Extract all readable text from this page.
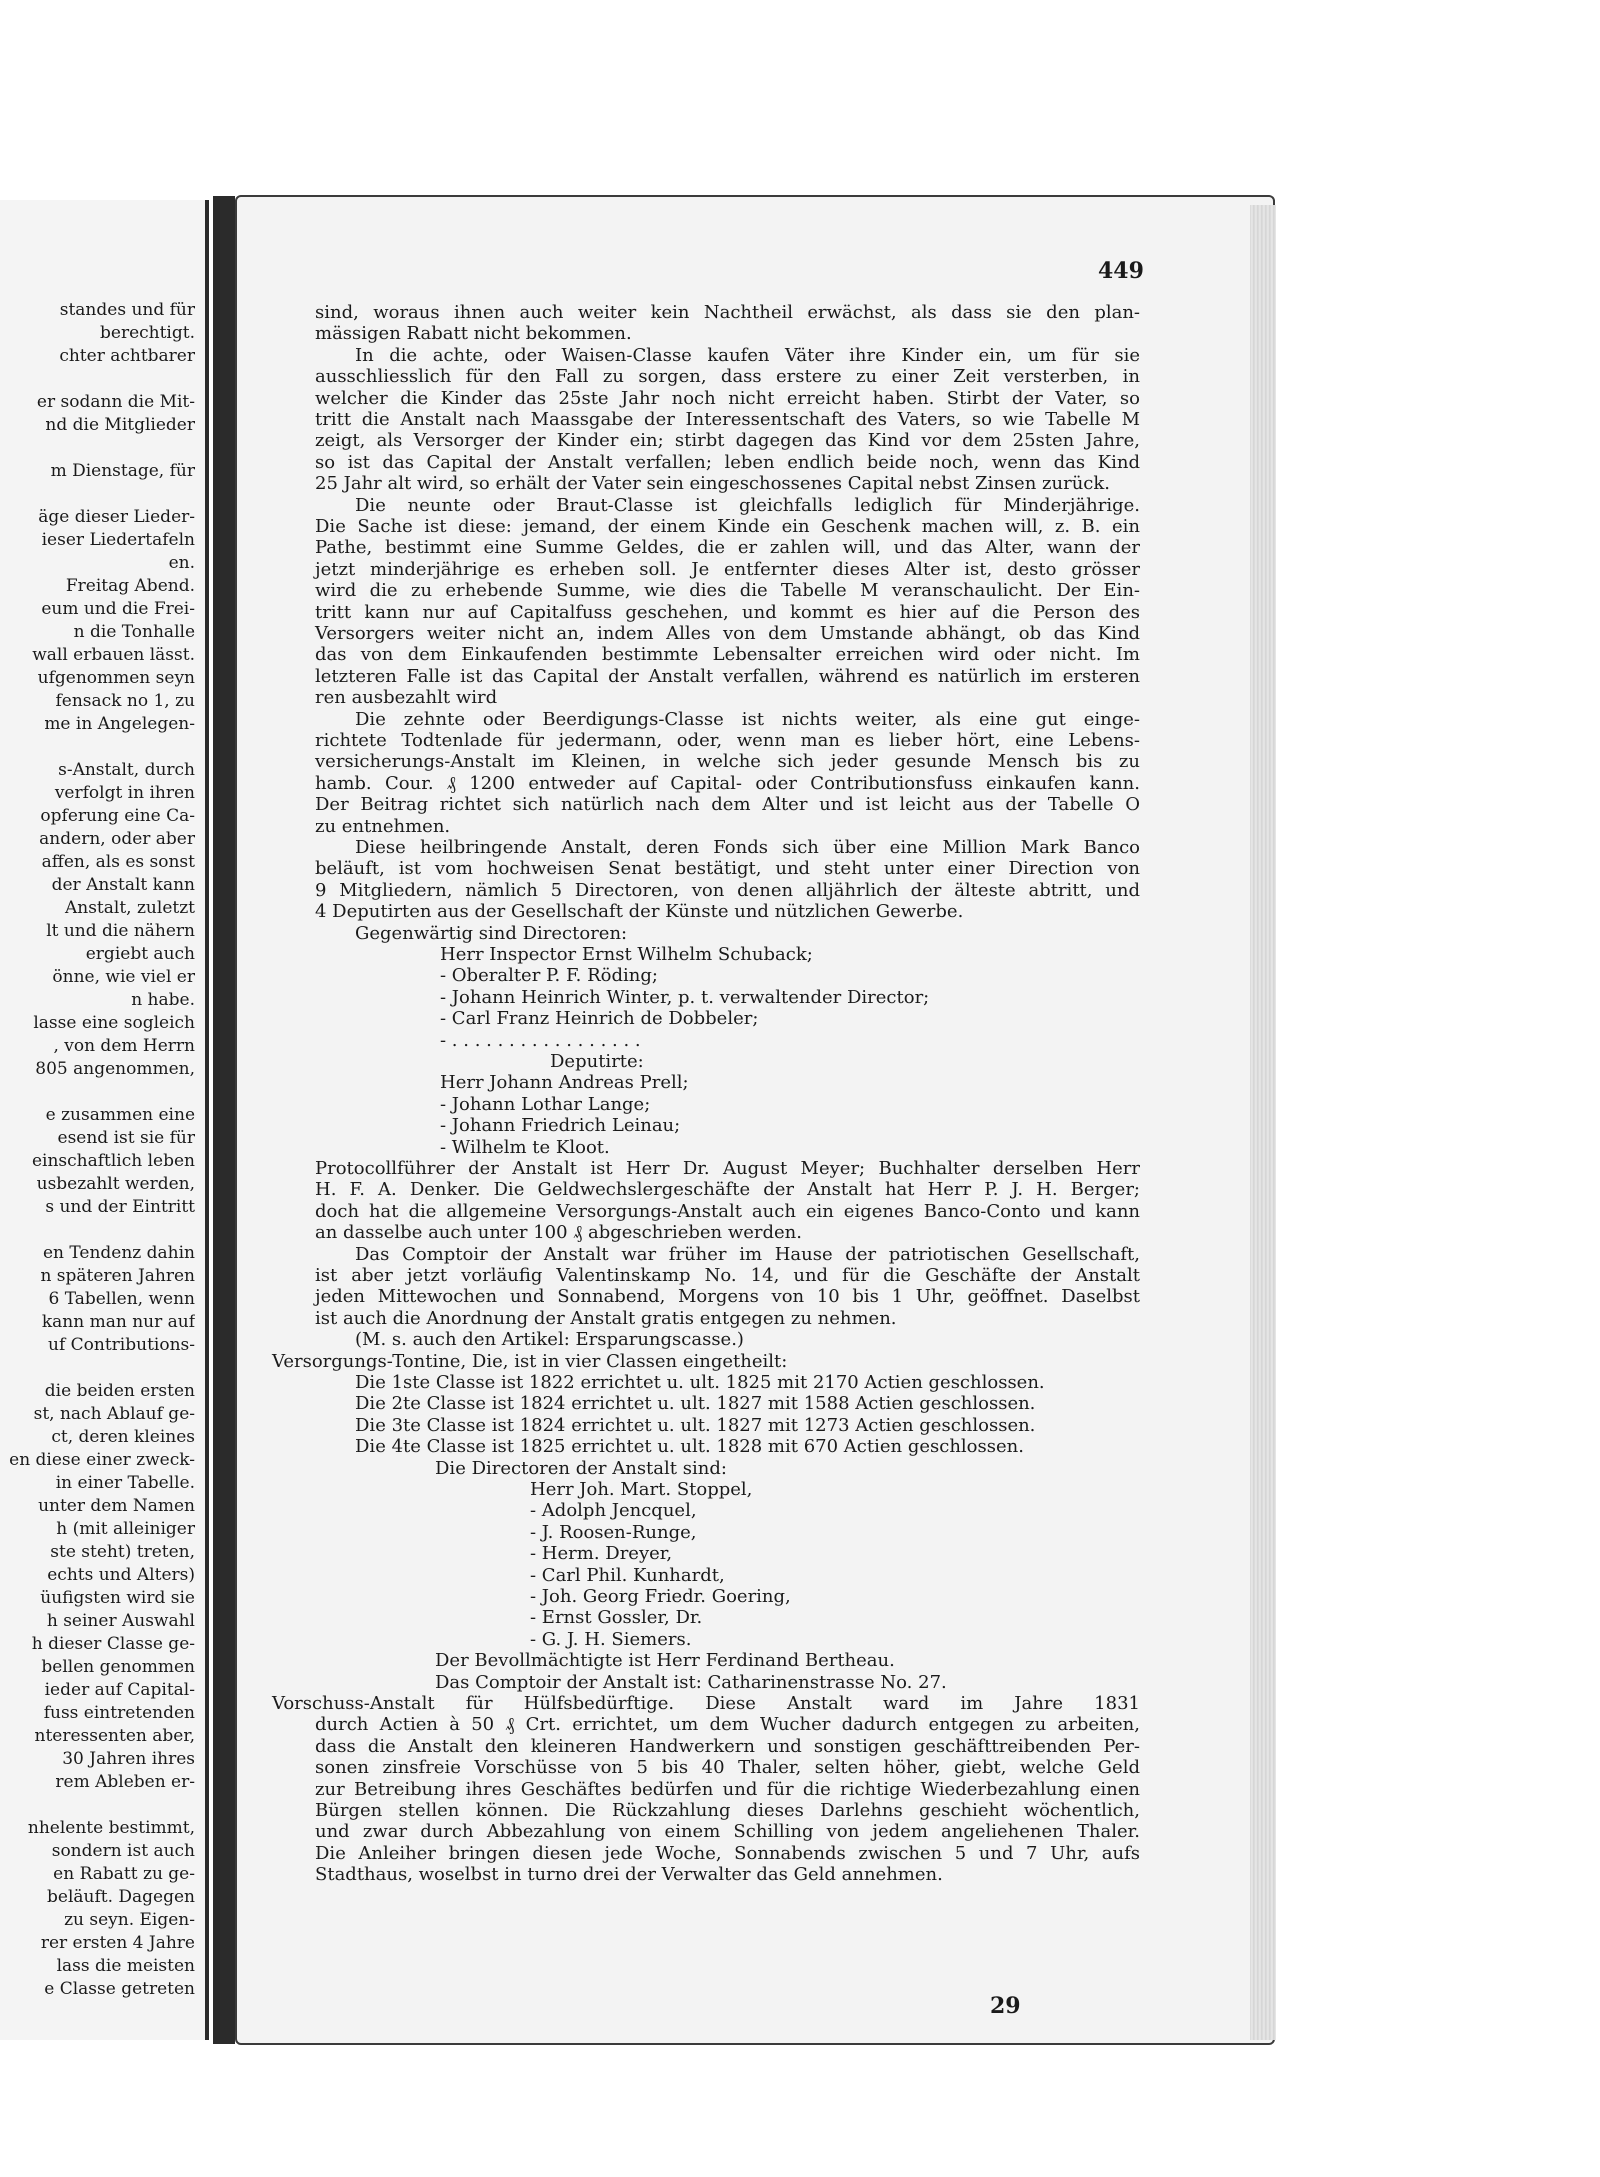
standes und für
berechtigt.
chter achtbarer
er sodann die Mit-
nd die Mitglieder
m Dienstage, für
äge dieser Lieder-
ieser Liedertafeln
en.
Freitag Abend.
eum und die Frei-
n die Tonhalle
wall erbauen lässt.
ufgenommen seyn
fensack no 1, zu
me in Angelegen-
s-Anstalt, durch
verfolgt in ihren
opferung eine Ca-
andern, oder aber
affen, als es sonst
der Anstalt kann
Anstalt, zuletzt
lt und die nähern
ergiebt auch
önne, wie viel er
n habe.
lasse eine sogleich
, von dem Herrn
805 angenommen,
e zusammen eine
esend ist sie für
einschaftlich leben
usbezahlt werden,
s und der Eintritt
en Tendenz dahin
n späteren Jahren
6 Tabellen, wenn
kann man nur auf
uf Contributions-
die beiden ersten
st, nach Ablauf ge-
ct, deren kleines
en diese einer zweck-
in einer Tabelle.
unter dem Namen
h (mit alleiniger
ste steht) treten,
echts und Alters)
üufigsten wird sie
h seiner Auswahl
h dieser Classe ge-
bellen genommen
ieder auf Capital-
fuss eintretenden
nteressenten aber,
30 Jahren ihres
rem Ableben er-
nhelente bestimmt,
sondern ist auch
en Rabatt zu ge-
beläuft. Dagegen
zu seyn. Eigen-
rer ersten 4 Jahre
lass die meisten
e Classe getreten
449
sind, woraus ihnen auch weiter kein Nachtheil erwächst, als dass sie den plan-
mässigen Rabatt nicht bekommen.
In die achte, oder Waisen-Classe kaufen Väter ihre Kinder ein, um für sie
ausschliesslich für den Fall zu sorgen, dass erstere zu einer Zeit versterben, in
welcher die Kinder das 25ste Jahr noch nicht erreicht haben. Stirbt der Vater, so
tritt die Anstalt nach Maassgabe der Interessentschaft des Vaters, so wie Tabelle M
zeigt, als Versorger der Kinder ein; stirbt dagegen das Kind vor dem 25sten Jahre,
so ist das Capital der Anstalt verfallen; leben endlich beide noch, wenn das Kind
25 Jahr alt wird, so erhält der Vater sein eingeschossenes Capital nebst Zinsen zurück.
Die neunte oder Braut-Classe ist gleichfalls lediglich für Minderjährige.
Die Sache ist diese: jemand, der einem Kinde ein Geschenk machen will, z. B. ein
Pathe, bestimmt eine Summe Geldes, die er zahlen will, und das Alter, wann der
jetzt minderjährige es erheben soll. Je entfernter dieses Alter ist, desto grösser
wird die zu erhebende Summe, wie dies die Tabelle M veranschaulicht. Der Ein-
tritt kann nur auf Capitalfuss geschehen, und kommt es hier auf die Person des
Versorgers weiter nicht an, indem Alles von dem Umstande abhängt, ob das Kind
das von dem Einkaufenden bestimmte Lebensalter erreichen wird oder nicht. Im
letzteren Falle ist das Capital der Anstalt verfallen, während es natürlich im ersteren
ren ausbezahlt wird
Die zehnte oder Beerdigungs-Classe ist nichts weiter, als eine gut einge-
richtete Todtenlade für jedermann, oder, wenn man es lieber hört, eine Lebens-
versicherungs-Anstalt im Kleinen, in welche sich jeder gesunde Mensch bis zu
hamb. Cour. ₰ 1200 entweder auf Capital- oder Contributionsfuss einkaufen kann.
Der Beitrag richtet sich natürlich nach dem Alter und ist leicht aus der Tabelle O
zu entnehmen.
Diese heilbringende Anstalt, deren Fonds sich über eine Million Mark Banco
beläuft, ist vom hochweisen Senat bestätigt, und steht unter einer Direction von
9 Mitgliedern, nämlich 5 Directoren, von denen alljährlich der älteste abtritt, und
4 Deputirten aus der Gesellschaft der Künste und nützlichen Gewerbe.
Gegenwärtig sind Directoren:
Herr Inspector Ernst Wilhelm Schuback;
- Oberalter P. F. Röding;
- Johann Heinrich Winter, p. t. verwaltender Director;
- Carl Franz Heinrich de Dobbeler;
- . . . . . . . . . . . . . . . . .
Deputirte:
Herr Johann Andreas Prell;
- Johann Lothar Lange;
- Johann Friedrich Leinau;
- Wilhelm te Kloot.
Protocollführer der Anstalt ist Herr Dr. August Meyer; Buchhalter derselben Herr
H. F. A. Denker. Die Geldwechslergeschäfte der Anstalt hat Herr P. J. H. Berger;
doch hat die allgemeine Versorgungs-Anstalt auch ein eigenes Banco-Conto und kann
an dasselbe auch unter 100 ₰ abgeschrieben werden.
Das Comptoir der Anstalt war früher im Hause der patriotischen Gesellschaft,
ist aber jetzt vorläufig Valentinskamp No. 14, und für die Geschäfte der Anstalt
jeden Mittewochen und Sonnabend, Morgens von 10 bis 1 Uhr, geöffnet. Daselbst
ist auch die Anordnung der Anstalt gratis entgegen zu nehmen.
(M. s. auch den Artikel: Ersparungscasse.)
Versorgungs-Tontine, Die, ist in vier Classen eingetheilt:
Die 1ste Classe ist 1822 errichtet u. ult. 1825 mit 2170 Actien geschlossen.
Die 2te Classe ist 1824 errichtet u. ult. 1827 mit 1588 Actien geschlossen.
Die 3te Classe ist 1824 errichtet u. ult. 1827 mit 1273 Actien geschlossen.
Die 4te Classe ist 1825 errichtet u. ult. 1828 mit 670 Actien geschlossen.
Die Directoren der Anstalt sind:
Herr Joh. Mart. Stoppel,
- Adolph Jencquel,
- J. Roosen-Runge,
- Herm. Dreyer,
- Carl Phil. Kunhardt,
- Joh. Georg Friedr. Goering,
- Ernst Gossler, Dr.
- G. J. H. Siemers.
Der Bevollmächtigte ist Herr Ferdinand Bertheau.
Das Comptoir der Anstalt ist: Catharinenstrasse No. 27.
Vorschuss-Anstalt für Hülfsbedürftige. Diese Anstalt ward im Jahre 1831
durch Actien à 50 ₰ Crt. errichtet, um dem Wucher dadurch entgegen zu arbeiten,
dass die Anstalt den kleineren Handwerkern und sonstigen geschäfttreibenden Per-
sonen zinsfreie Vorschüsse von 5 bis 40 Thaler, selten höher, giebt, welche Geld
zur Betreibung ihres Geschäftes bedürfen und für die richtige Wiederbezahlung einen
Bürgen stellen können. Die Rückzahlung dieses Darlehns geschieht wöchentlich,
und zwar durch Abbezahlung von einem Schilling von jedem angeliehenen Thaler.
Die Anleiher bringen diesen jede Woche, Sonnabends zwischen 5 und 7 Uhr, aufs
Stadthaus, woselbst in turno drei der Verwalter das Geld annehmen.
29
